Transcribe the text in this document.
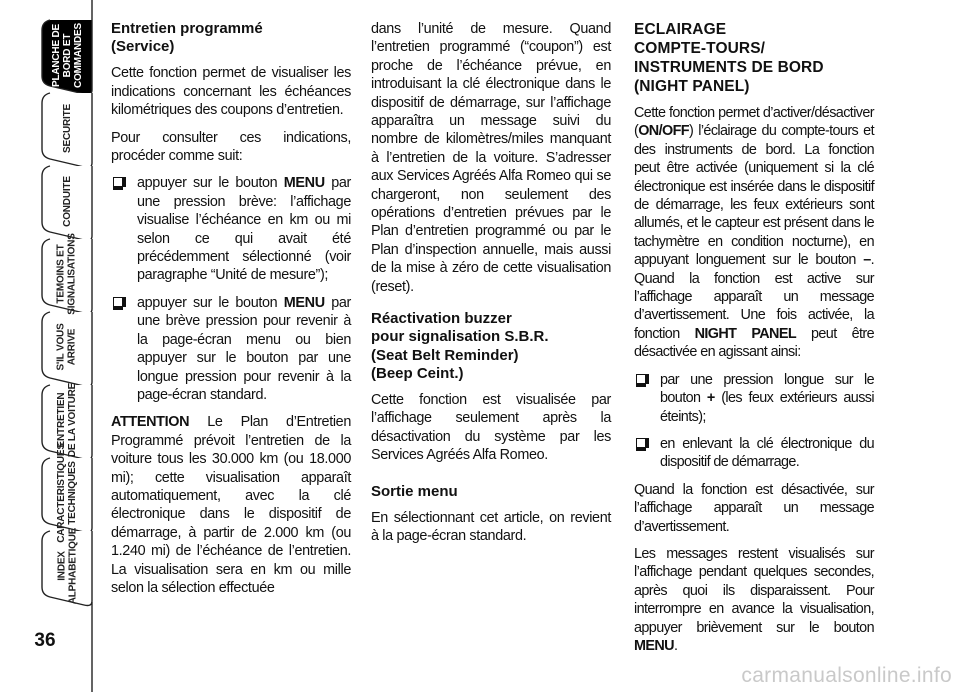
PLANCHE DE
BORD ET
COMMANDES
SECURITE
CONDUITE
TEMOINS ET
SIGNALISATIONS
S'IL VOUS
ARRIVE
ENTRETIEN
DE LA VOITURE
CARACTERISTIQUES
TECHNIQUES
INDEX
ALPHABETIQUE
36
Entretien programmé
(Service)

Cette fonction permet de visualiser les indications concernant les échéances kilométriques des coupons d’entretien.

Pour consulter ces indications, procéder comme suit:

appuyer sur le bouton MENU par une pression brève: l’affichage visualise l’échéance en km ou mi selon ce qui avait été précédemment sélectionné (voir paragraphe “Unité de mesure”);
appuyer sur le bouton MENU par une brève pression pour revenir à la page-écran menu ou bien appuyer sur le bouton par une longue pression pour revenir à la page-écran standard.

ATTENTION Le Plan d’Entretien Programmé prévoit l’entretien de la voiture tous les 30.000 km (ou 18.000 mi); cette visualisation apparaît automatiquement, avec la clé électronique dans le dispositif de démarrage, à partir de 2.000 km (ou 1.240 mi) de l’échéance de l’entretien. La visualisation sera en km ou mille selon la sélection effectuée

dans l’unité de mesure. Quand l’entretien programmé (“coupon”) est proche de l’échéance prévue, en introduisant la clé électronique dans le dispositif de démarrage, sur l’affichage apparaîtra un message suivi du nombre de kilomètres/miles manquant à l’entretien de la voiture. S’adresser aux Services Agréés Alfa Romeo qui se chargeront, non seulement des opérations d’entretien prévues par le Plan d’entretien programmé ou par le Plan d’inspection annuelle, mais aussi de la mise à zéro de cette visualisation (reset).

Réactivation buzzer
pour signalisation S.B.R.
(Seat Belt Reminder)
(Beep Ceint.)

Cette fonction est visualisée par l’affichage seulement après la désactivation du système par les Services Agréés Alfa Romeo.

Sortie menu

En sélectionnant cet article, on revient à la page-écran standard.

ECLAIRAGE
COMPTE-TOURS/
INSTRUMENTS DE BORD
(NIGHT PANEL)

Cette fonction permet d’activer/désactiver (ON/OFF) l’éclairage du compte-tours et des instruments de bord. La fonction peut être activée (uniquement si la clé électronique est insérée dans le dispositif de démarrage, les feux extérieurs sont allumés, et le capteur est présent dans le tachymètre en condition nocturne), en appuyant longuement sur le bouton –. Quand la fonction est active sur l’affichage apparaît un message d’avertissement. Une fois activée, la fonction NIGHT PANEL peut être désactivée en agissant ainsi:

par une pression longue sur le bouton + (les feux extérieurs aussi éteints);
en enlevant la clé électronique du dispositif de démarrage.

Quand la fonction est désactivée, sur l’affichage apparaît un message d’avertissement.

Les messages restent visualisés sur l’affichage pendant quelques secondes, après quoi ils disparaissent. Pour interrompre en avance la visualisation, appuyer brièvement sur le bouton MENU.

carmanualsonline.info
